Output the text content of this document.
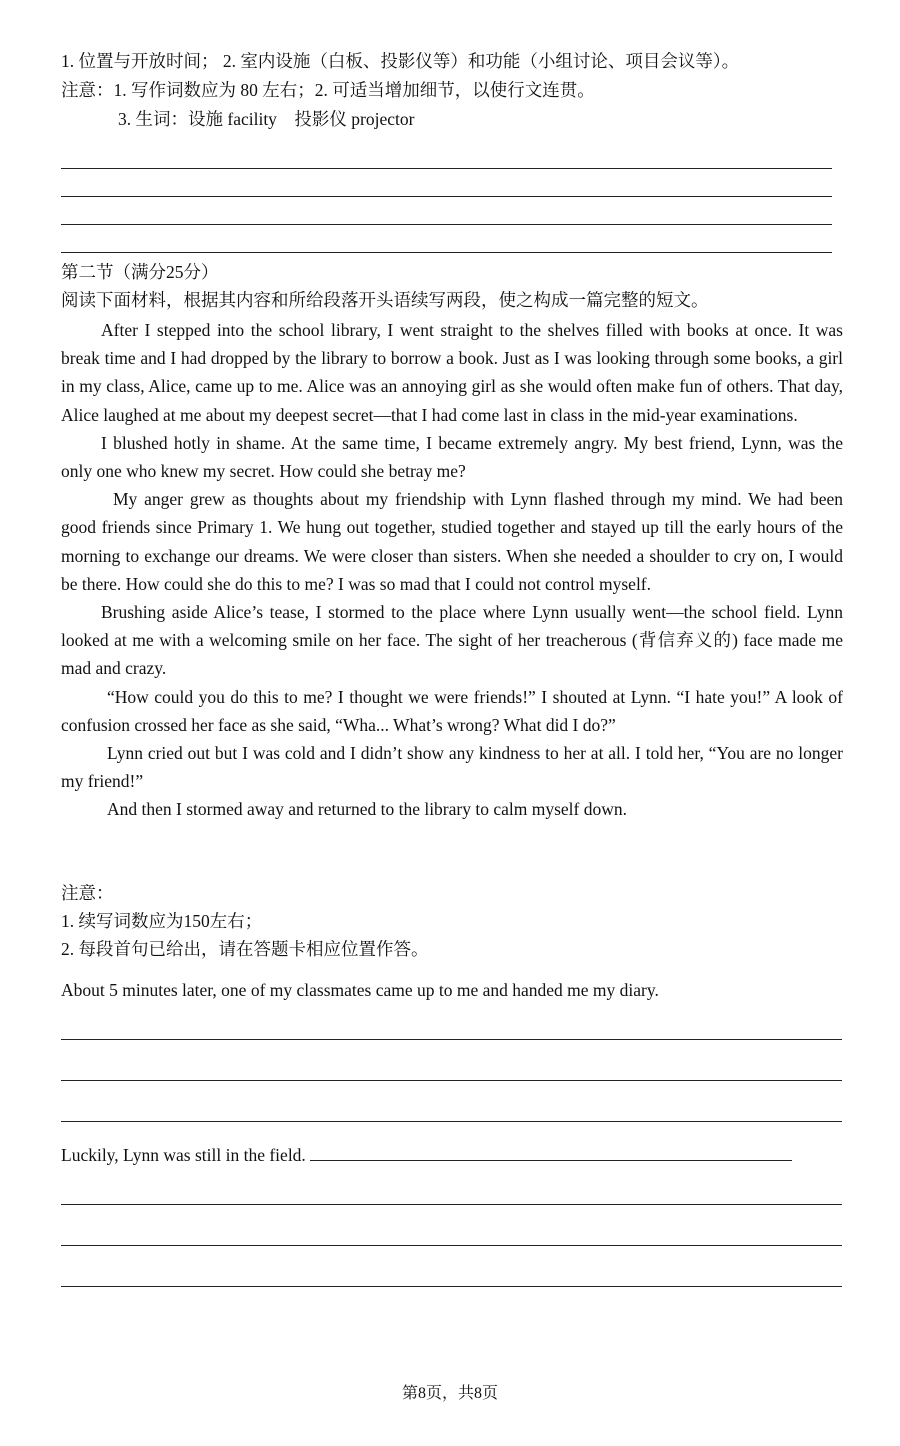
1. 位置与开放时间； 2. 室内设施（白板、投影仪等）和功能（小组讨论、项目会议等）。
注意：1. 写作词数应为 80 左右；2. 可适当增加细节，以使行文连贯。
3. 生词：设施 facility　投影仪 projector
第二节（满分25分）
阅读下面材料，根据其内容和所给段落开头语续写两段，使之构成一篇完整的短文。

After I stepped into the school library, I went straight to the shelves filled with books at once. It was break time and I had dropped by the library to borrow a book. Just as I was looking through some books, a girl in my class, Alice, came up to me. Alice was an annoying girl as she would often make fun of others. That day, Alice laughed at me about my deepest secret—that I had come last in class in the mid-year examinations.

I blushed hotly in shame. At the same time, I became extremely angry. My best friend, Lynn, was the only one who knew my secret. How could she betray me?

My anger grew as thoughts about my friendship with Lynn flashed through my mind. We had been good friends since Primary 1. We hung out together, studied together and stayed up till the early hours of the morning to exchange our dreams. We were closer than sisters. When she needed a shoulder to cry on, I would be there. How could she do this to me? I was so mad that I could not control myself.

Brushing aside Alice’s tease, I stormed to the place where Lynn usually went—the school field. Lynn looked at me with a welcoming smile on her face. The sight of her treacherous (背信弃义的) face made me mad and crazy.

“How could you do this to me? I thought we were friends!” I shouted at Lynn. “I hate you!” A look of confusion crossed her face as she said, “Wha... What’s wrong? What did I do?”

Lynn cried out but I was cold and I didn’t show any kindness to her at all. I told her, “You are no longer my friend!”

And then I stormed away and returned to the library to calm myself down.

注意：
1. 续写词数应为150左右；
2. 每段首句已给出，请在答题卡相应位置作答。
About 5 minutes later, one of my classmates came up to me and handed me my diary.
Luckily, Lynn was still in the field.
第8页，共8页
